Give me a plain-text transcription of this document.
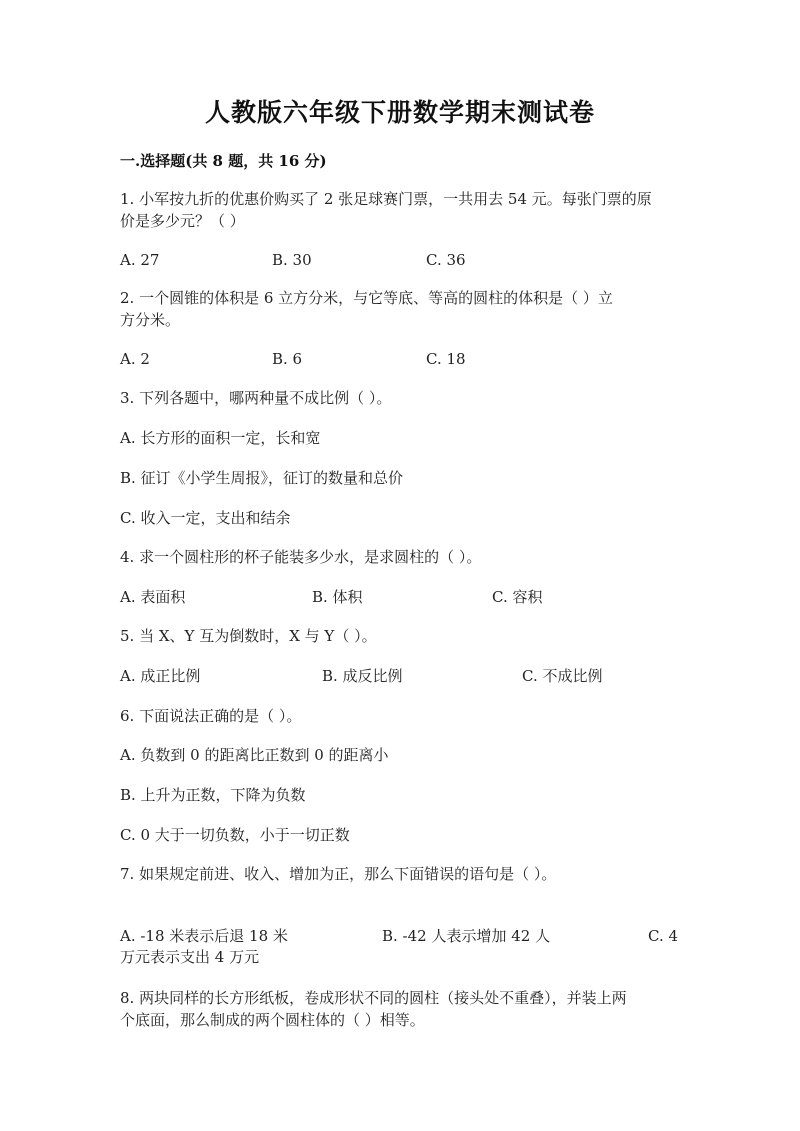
人教版六年级下册数学期末测试卷
一.选择题(共 8 题，共 16 分)
1. 小军按九折的优惠价购买了 2 张足球赛门票，一共用去 54 元。每张门票的原
价是多少元？（ ）
A. 27	B. 30	C. 36
2. 一个圆锥的体积是 6 立方分米，与它等底、等高的圆柱的体积是（ ）立
方分米。
A. 2	B. 6	C. 18
3. 下列各题中，哪两种量不成比例（ ）。
A. 长方形的面积一定，长和宽
B. 征订《小学生周报》，征订的数量和总价
C. 收入一定，支出和结余
4. 求一个圆柱形的杯子能装多少水，是求圆柱的（ ）。
A. 表面积	B. 体积	C. 容积
5. 当 X、Y 互为倒数时，X 与 Y（ ）。
A. 成正比例	B. 成反比例	C. 不成比例
6. 下面说法正确的是（ ）。
A. 负数到 0 的距离比正数到 0 的距离小
B. 上升为正数，下降为负数
C. 0 大于一切负数，小于一切正数
7. 如果规定前进、收入、增加为正，那么下面错误的语句是（ ）。
A. -18 米表示后退 18 米	B. -42 人表示增加 42 人	C. 4
万元表示支出 4 万元
8. 两块同样的长方形纸板，卷成形状不同的圆柱（接头处不重叠），并装上两
个底面，那么制成的两个圆柱体的（ ）相等。
